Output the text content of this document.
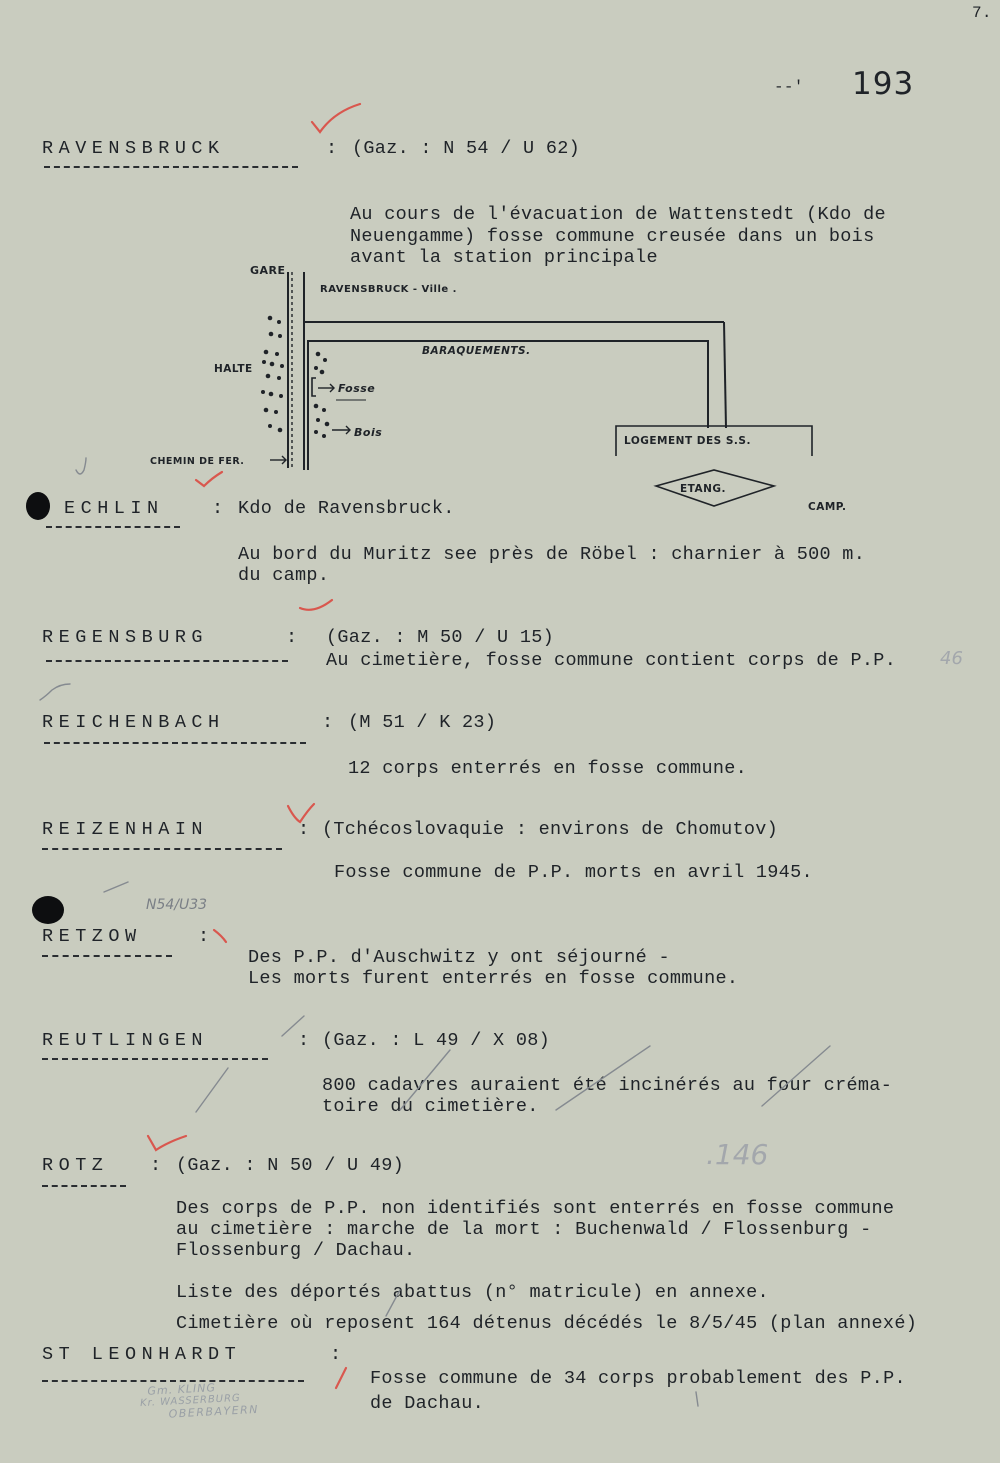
7.
--' 193
RAVENSBRUCK	: (Gaz. : N 54 / U 62)
Au cours de l'évacuation de Wattenstedt (Kdo de
Neuengamme) fosse commune creusée dans un bois
avant la station principale
GARE
RAVENSBRUCK - Ville .
BARAQUEMENTS.
HALTE
Fosse
Bois
CHEMIN DE FER.
LOGEMENT DES S.S.
ETANG.
CAMP.
ECHLIN	: Kdo de Ravensbruck.
Au bord du Muritz see près de Röbel : charnier à 500 m.
du camp.
REGENSBURG	: (Gaz. : M 50 / U 15)
Au cimetière, fosse commune contient corps de P.P. 46
REICHENBACH	: (M 51 / K 23)
12 corps enterrés en fosse commune.
REIZENHAIN	: (Tchécoslovaquie : environs de Chomutov)
Fosse commune de P.P. morts en avril 1945.
N54/U33
RETZOW	:
Des P.P. d'Auschwitz y ont séjourné -
Les morts furent enterrés en fosse commune.
REUTLINGEN	: (Gaz. : L 49 / X 08)
800 cadavres auraient été incinérés au four créma-
toire du cimetière.
ROTZ : (Gaz. : N 50 / U 49)	.146
Des corps de P.P. non identifiés sont enterrés en fosse commune
au cimetière : marche de la mort : Buchenwald / Flossenburg -
Flossenburg / Dachau.
Liste des déportés abattus (n° matricule) en annexe.
Cimetière où reposent 164 détenus décédés le 8/5/45 (plan annexé)
ST LEONHARDT	:
Fosse commune de 34 corps probablement des P.P.
de Dachau.
Gm. KLING
Kr. WASSERBURG
OBERBAYERN
